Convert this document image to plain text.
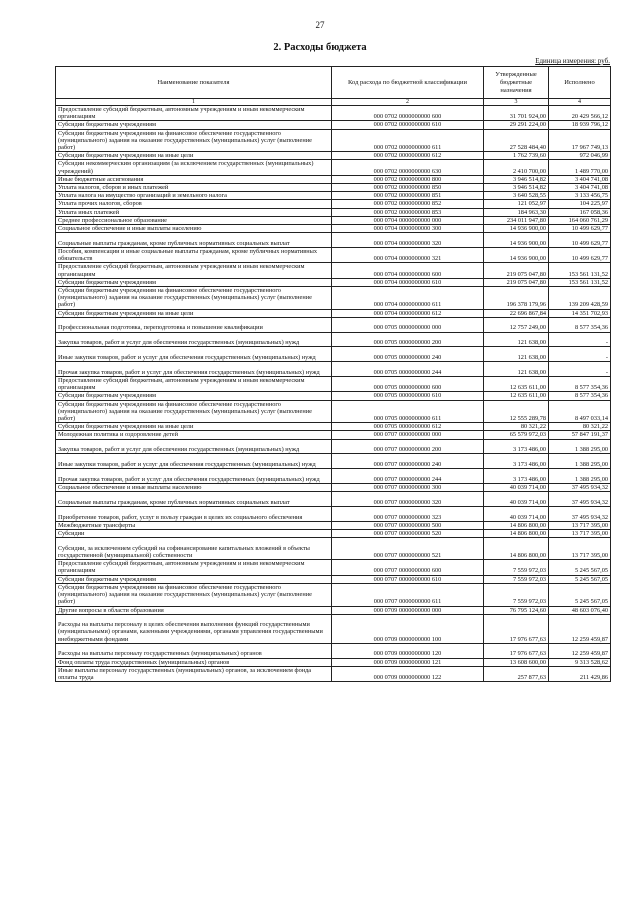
27
2. Расходы бюджета
Единица измерения: руб.
Наименование показателя	Код расхода по бюджетной классификации	Утвержденные бюджетные назначения	Исполнено
1	2	3	4
Предоставление субсидий бюджетным, автономным учреждениям и иным некоммерческим организациям	000 0702 0000000000 600	31 701 924,00	20 429 566,12
Субсидии бюджетным учреждениям	000 0702 0000000000 610	29 291 224,00	18 939 796,12
Субсидии бюджетным учреждениям на финансовое обеспечение государственного (муниципального) задания на оказание государственных (муниципальных) услуг (выполнение работ)	000 0702 0000000000 611	27 528 484,40	17 967 749,13
Субсидии бюджетным учреждениям на иные цели	000 0702 0000000000 612	1 762 739,60	972 046,99
Субсидии некоммерческим организациям (за исключением государственных (муниципальных) учреждений)	000 0702 0000000000 630	2 410 700,00	1 489 770,00
Иные бюджетные ассигнования	000 0702 0000000000 800	3 946 514,82	3 404 741,08
Уплата налогов, сборов и иных платежей	000 0702 0000000000 850	3 946 514,82	3 404 741,08
Уплата налога на имущество организаций и земельного налога	000 0702 0000000000 851	3 640 528,55	3 133 456,75
Уплата прочих налогов, сборов	000 0702 0000000000 852	121 052,97	104 225,97
Уплата иных платежей	000 0702 0000000000 853	184 963,30	167 058,36
Среднее профессиональное образование	000 0704 0000000000 000	234 011 947,80	164 060 761,29
Социальное обеспечение и иные выплаты населению	000 0704 0000000000 300	14 936 900,00	10 499 629,77
Социальные выплаты гражданам, кроме публичных нормативных социальных выплат	000 0704 0000000000 320	14 936 900,00	10 499 629,77
Пособия, компенсации и иные социальные выплаты гражданам, кроме публичных нормативных обязательств	000 0704 0000000000 321	14 936 900,00	10 499 629,77
Предоставление субсидий бюджетным, автономным учреждениям и иным некоммерческим организациям	000 0704 0000000000 600	219 075 047,80	153 561 131,52
Субсидии бюджетным учреждениям	000 0704 0000000000 610	219 075 047,80	153 561 131,52
Субсидии бюджетным учреждениям на финансовое обеспечение государственного (муниципального) задания на оказание государственных (муниципальных) услуг (выполнение работ)	000 0704 0000000000 611	196 378 179,96	139 209 428,59
Субсидии бюджетным учреждениям на иные цели	000 0704 0000000000 612	22 696 867,84	14 351 702,93
Профессиональная подготовка, переподготовка и повышение квалификации	000 0705 0000000000 000	12 757 249,00	8 577 354,36
Закупка товаров, работ и услуг для обеспечения государственных (муниципальных) нужд	000 0705 0000000000 200	121 638,00	-
Иные закупки товаров, работ и услуг для обеспечения государственных (муниципальных) нужд	000 0705 0000000000 240	121 638,00	-
Прочая закупка товаров, работ и услуг для обеспечения государственных (муниципальных) нужд	000 0705 0000000000 244	121 638,00	-
Предоставление субсидий бюджетным, автономным учреждениям и иным некоммерческим организациям	000 0705 0000000000 600	12 635 611,00	8 577 354,36
Субсидии бюджетным учреждениям	000 0705 0000000000 610	12 635 611,00	8 577 354,36
Субсидии бюджетным учреждениям на финансовое обеспечение государственного (муниципального) задания на оказание государственных (муниципальных) услуг (выполнение работ)	000 0705 0000000000 611	12 555 289,78	8 497 033,14
Субсидии бюджетным учреждениям на иные цели	000 0705 0000000000 612	80 321,22	80 321,22
Молодежная политика и оздоровление детей	000 0707 0000000000 000	65 579 972,03	57 847 191,37
Закупка товаров, работ и услуг для обеспечения государственных (муниципальных) нужд	000 0707 0000000000 200	3 173 486,00	1 388 295,00
Иные закупки товаров, работ и услуг для обеспечения государственных (муниципальных) нужд	000 0707 0000000000 240	3 173 486,00	1 388 295,00
Прочая закупка товаров, работ и услуг для обеспечения государственных (муниципальных) нужд	000 0707 0000000000 244	3 173 486,00	1 388 295,00
Социальное обеспечение и иные выплаты населению	000 0707 0000000000 300	40 039 714,00	37 495 934,32
Социальные выплаты гражданам, кроме публичных нормативных социальных выплат	000 0707 0000000000 320	40 039 714,00	37 495 934,32
Приобретение товаров, работ, услуг в пользу граждан в целях их социального обеспечения	000 0707 0000000000 323	40 039 714,00	37 495 934,32
Межбюджетные трансферты	000 0707 0000000000 500	14 806 800,00	13 717 395,00
Субсидии	000 0707 0000000000 520	14 806 800,00	13 717 395,00
Субсидии, за исключением субсидий на софинансирование капитальных вложений в объекты государственной (муниципальной) собственности	000 0707 0000000000 521	14 806 800,00	13 717 395,00
Предоставление субсидий бюджетным, автономным учреждениям и иным некоммерческим организациям	000 0707 0000000000 600	7 559 972,03	5 245 567,05
Субсидии бюджетным учреждениям	000 0707 0000000000 610	7 559 972,03	5 245 567,05
Субсидии бюджетным учреждениям на финансовое обеспечение государственного (муниципального) задания на оказание государственных (муниципальных) услуг (выполнение работ)	000 0707 0000000000 611	7 559 972,03	5 245 567,05
Другие вопросы в области образования	000 0709 0000000000 000	76 795 124,60	48 603 076,40
Расходы на выплаты персоналу в целях обеспечения выполнения функций государственными (муниципальными) органами, казенными учреждениями, органами управления государственными внебюджетными фондами	000 0709 0000000000 100	17 976 677,63	12 259 459,87
Расходы на выплаты персоналу государственных (муниципальных) органов	000 0709 0000000000 120	17 976 677,63	12 259 459,87
Фонд оплаты труда государственных (муниципальных) органов	000 0709 0000000000 121	13 608 600,00	9 313 528,62
Иные выплаты персоналу государственных (муниципальных) органов, за исключением фонда оплаты труда	000 0709 0000000000 122	257 877,63	211 429,86
